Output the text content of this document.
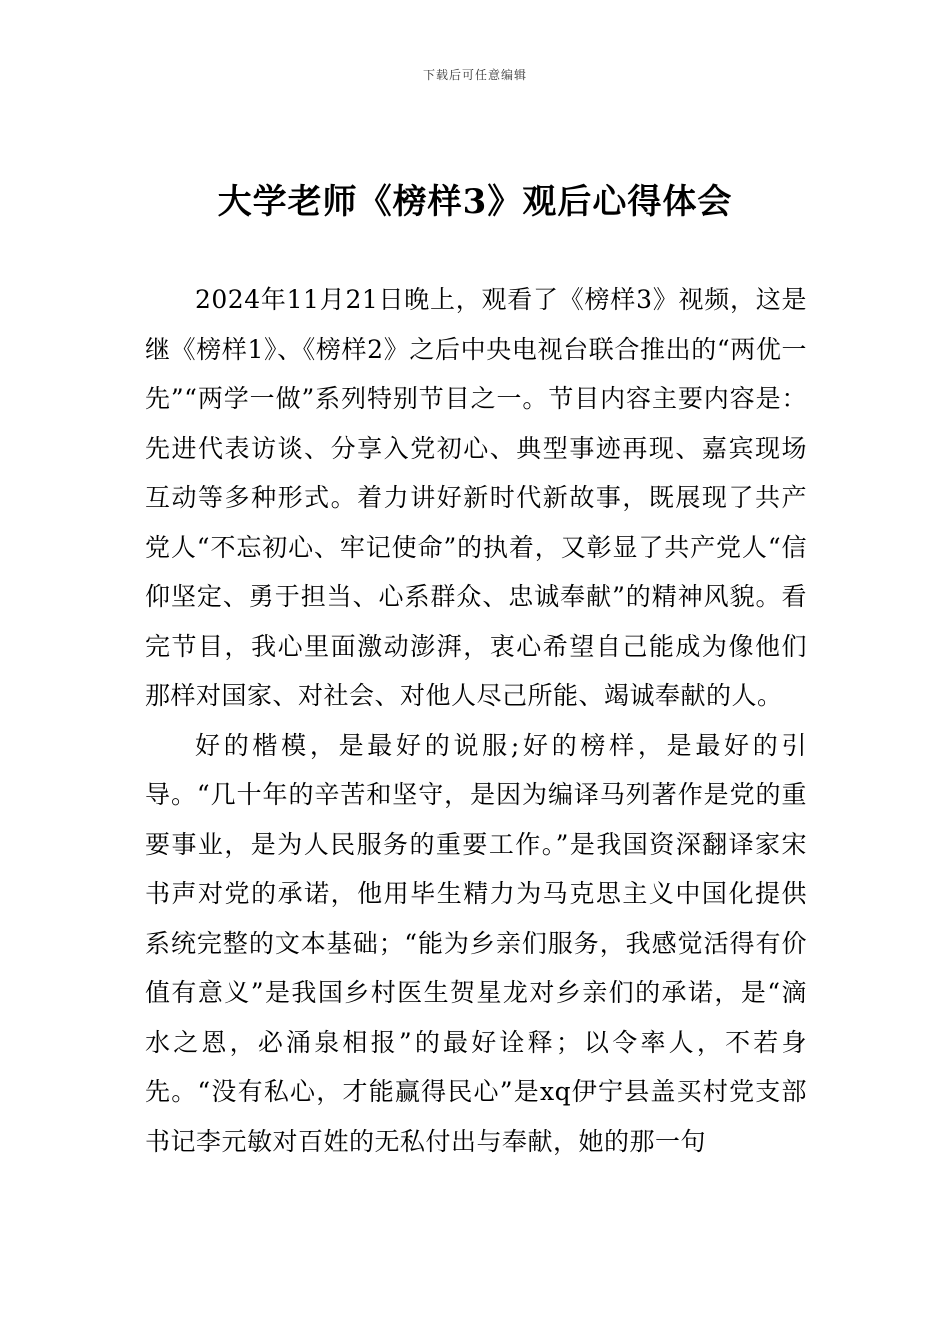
下载后可任意编辑
大学老师《榜样3》观后心得体会

2024年11月21日晚上，观看了《榜样3》视频，这是继《榜样1》、《榜样2》之后中央电视台联合推出的“两优一先”“两学一做”系列特别节目之一。节目内容主要内容是：先进代表访谈、分享入党初心、典型事迹再现、嘉宾现场互动等多种形式。着力讲好新时代新故事，既展现了共产党人“不忘初心、牢记使命”的执着，又彰显了共产党人“信仰坚定、勇于担当、心系群众、忠诚奉献”的精神风貌。看完节目，我心里面激动澎湃，衷心希望自己能成为像他们那样对国家、对社会、对他人尽己所能、竭诚奉献的人。

好的楷模，是最好的说服;好的榜样，是最好的引导。“几十年的辛苦和坚守，是因为编译马列著作是党的重要事业，是为人民服务的重要工作。”是我国资深翻译家宋书声对党的承诺，他用毕生精力为马克思主义中国化提供系统完整的文本基础；“能为乡亲们服务，我感觉活得有价值有意义”是我国乡村医生贺星龙对乡亲们的承诺，是“滴水之恩，必涌泉相报”的最好诠释；以令率人，不若身先。“没有私心，才能赢得民心”是xq伊宁县盖买村党支部书记李元敏对百姓的无私付出与奉献，她的那一句
